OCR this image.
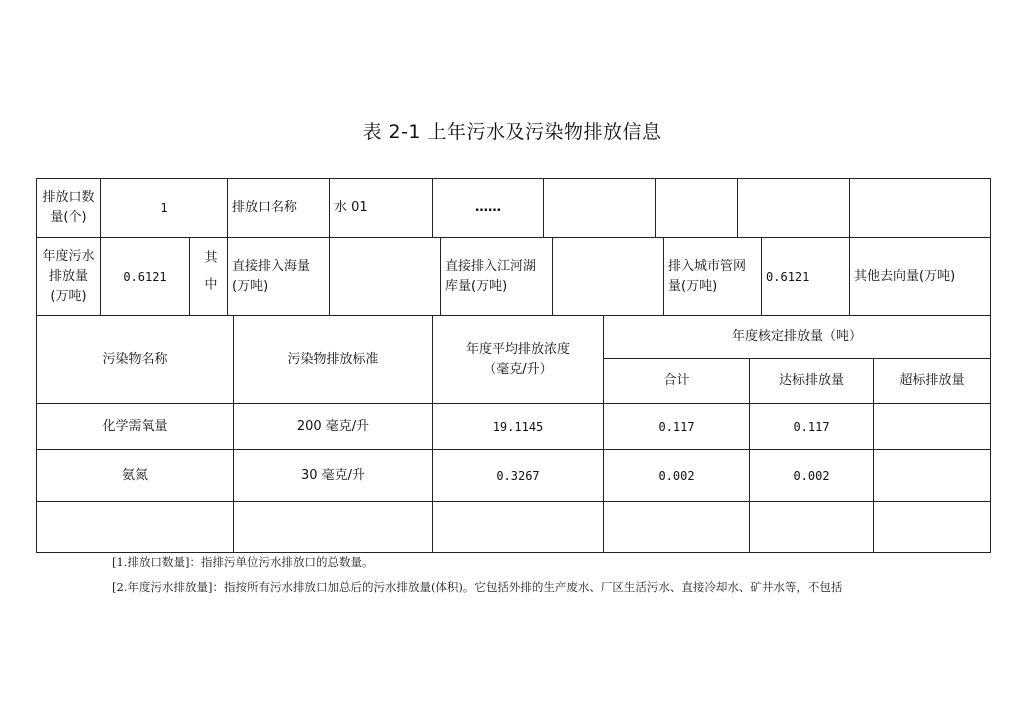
表 2-1 上年污水及污染物排放信息
排放口数量(个)	1		排放口名称	水 01	……									
年度污水排放量(万吨)	0.6121	其中	直接排入海量(万吨)			直接排入江河湖库量(万吨)				排入城市管网量(万吨)		0.6121	其他去向量(万吨)	
污染物名称	污染物排放标准	年度平均排放浓度（毫克/升）	年度核定排放量（吨）		
			合计	达标排放量	超标排放量
化学需氧量	200 毫克/升	19.1145	0.117	0.117	
氨氮	30 毫克/升	0.3267	0.002	0.002	

[1.排放口数量]：指排污单位污水排放口的总数量。
[2.年度污水排放量]：指按所有污水排放口加总后的污水排放量(体积)。它包括外排的生产废水、厂区生活污水、直接冷却水、矿井水等，不包括
